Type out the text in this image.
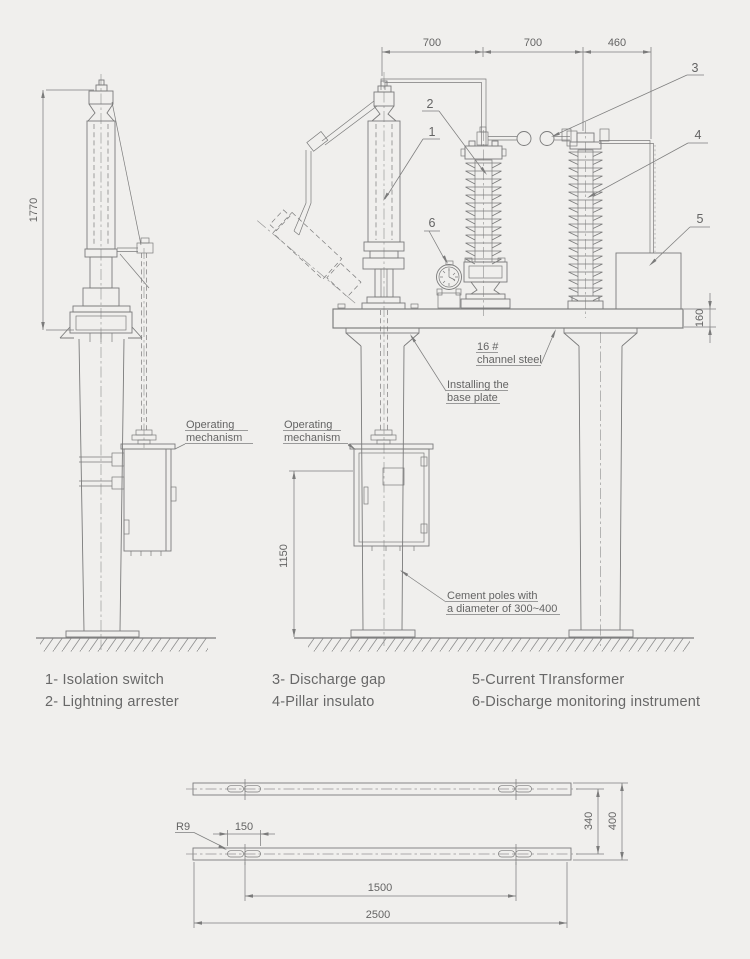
1770
Operating
mechanism
700	700	460
160
1150
Operating
mechanism
16 #
channel steel
Installing the
base plate
Cement poles with
a diameter of 300~400
1
2
3
4
5
6
1- Isolation switch
2- Lightning arrester
3- Discharge gap
4-Pillar insulato
5-Current TIransformer
6-Discharge monitoring instrument
R9	150	340 400
1500
2500
